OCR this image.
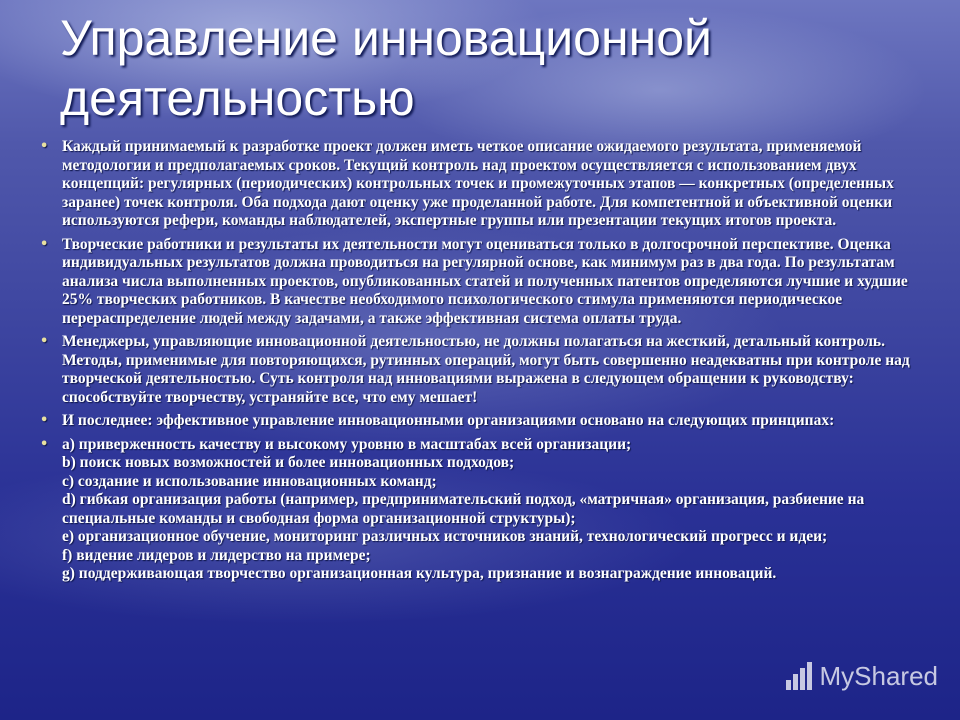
Управление инновационной
деятельностью
• Каждый принимаемый к разработке проект должен иметь четкое описание ожидаемого результата, применяемой методологии и предполагаемых сроков. Текущий контроль над проектом осуществляется с использованием двух концепций: регулярных (периодических) контрольных точек и промежуточных этапов — конкретных (определенных заранее) точек контроля. Оба подхода дают оценку уже проделанной работе. Для компетентной и объективной оценки используются рефери, команды наблюдателей, экспертные группы или презентации текущих итогов проекта.
• Творческие работники и результаты их деятельности могут оцениваться только в долгосрочной перспективе. Оценка индивидуальных результатов должна проводиться на регулярной основе, как минимум раз в два года. По результатам анализа числа выполненных проектов, опубликованных статей и полученных патентов определяются лучшие и худшие 25% творческих работников. В качестве необходимого психологического стимула применяются периодическое перераспределение людей между задачами, а также эффективная система оплаты труда.
• Менеджеры, управляющие инновационной деятельностью, не должны полагаться на жесткий, детальный контроль. Методы, применимые для повторяющихся, рутинных операций, могут быть совершенно неадекватны при контроле над творческой деятельностью. Суть контроля над инновациями выражена в следующем обращении к руководству: способствуйте творчеству, устраняйте все, что ему мешает!
• И последнее: эффективное управление инновационными организациями основано на следующих принципах:
• a) приверженность качеству и высокому уровню в масштабах всей организации;
b) поиск новых возможностей и более инновационных подходов;
c) создание и использование инновационных команд;
d) гибкая организация работы (например, предпринимательский подход, «матричная» организация, разбиение на специальные команды и свободная форма организационной структуры);
e) организационное обучение, мониторинг различных источников знаний, технологический прогресс и идеи;
f) видение лидеров и лидерство на примере;
g) поддерживающая творчество организационная культура, признание и вознаграждение инноваций.
MyShared
